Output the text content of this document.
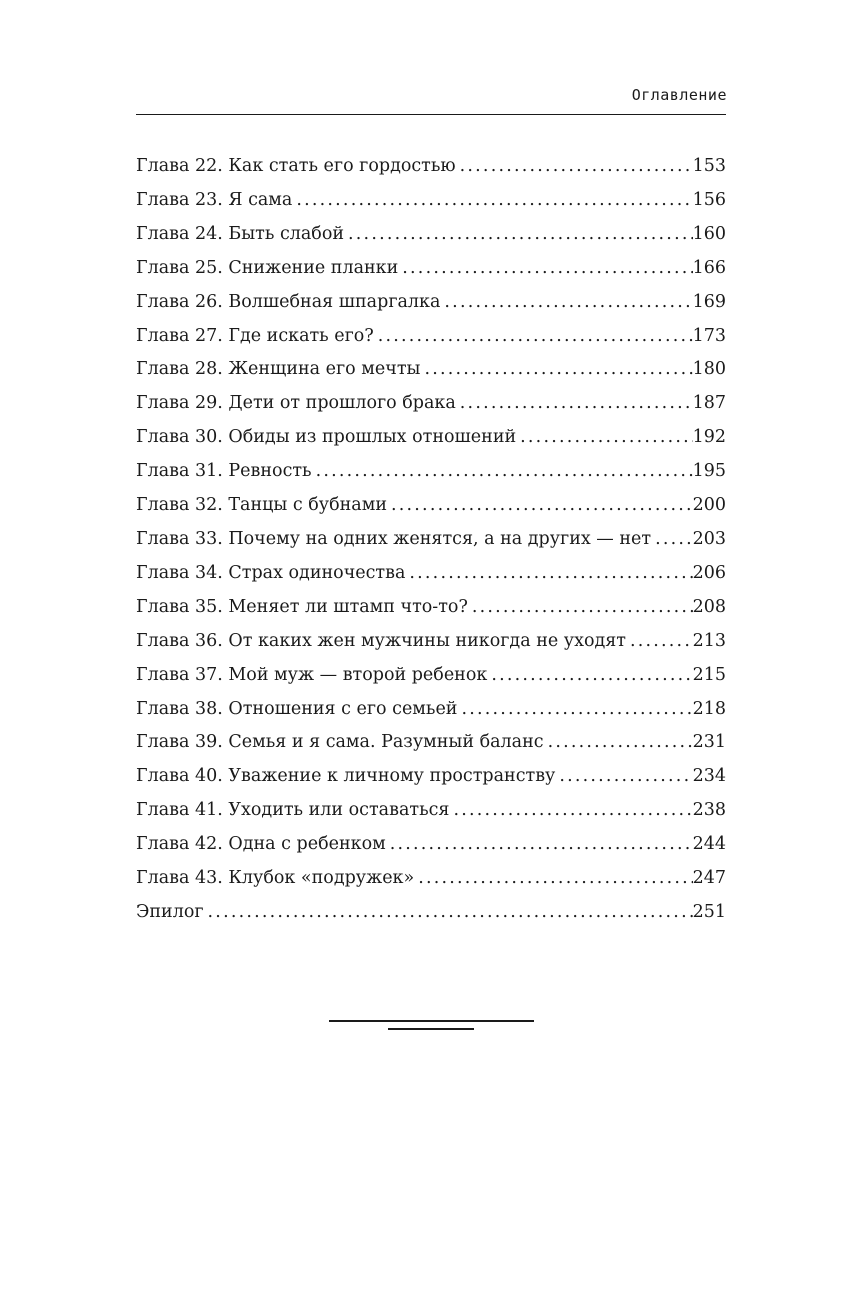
Оглавление
Глава 22. Как стать его гордостью .....	153
Глава 23. Я сама .....	156
Глава 24. Быть слабой .....	160
Глава 25. Снижение планки .....	166
Глава 26. Волшебная шпаргалка .....	169
Глава 27. Где искать его? .....	173
Глава 28. Женщина его мечты .....	180
Глава 29. Дети от прошлого брака .....	187
Глава 30. Обиды из прошлых отношений .....	192
Глава 31. Ревность .....	195
Глава 32. Танцы с бубнами .....	200
Глава 33. Почему на одних женятся, а на других — нет ..... 203
Глава 34. Страх одиночества .....	206
Глава 35. Меняет ли штамп что-то? .....	208
Глава 36. От каких жен мужчины никогда не уходят .....	213
Глава 37. Мой муж — второй ребенок .....	215
Глава 38. Отношения с его семьей .....	218
Глава 39. Семья и я сама. Разумный баланс .....	231
Глава 40. Уважение к личному пространству .....	234
Глава 41. Уходить или оставаться .....	238
Глава 42. Одна с ребенком .....	244
Глава 43. Клубок «подружек» .....	247
Эпилог .....	251
